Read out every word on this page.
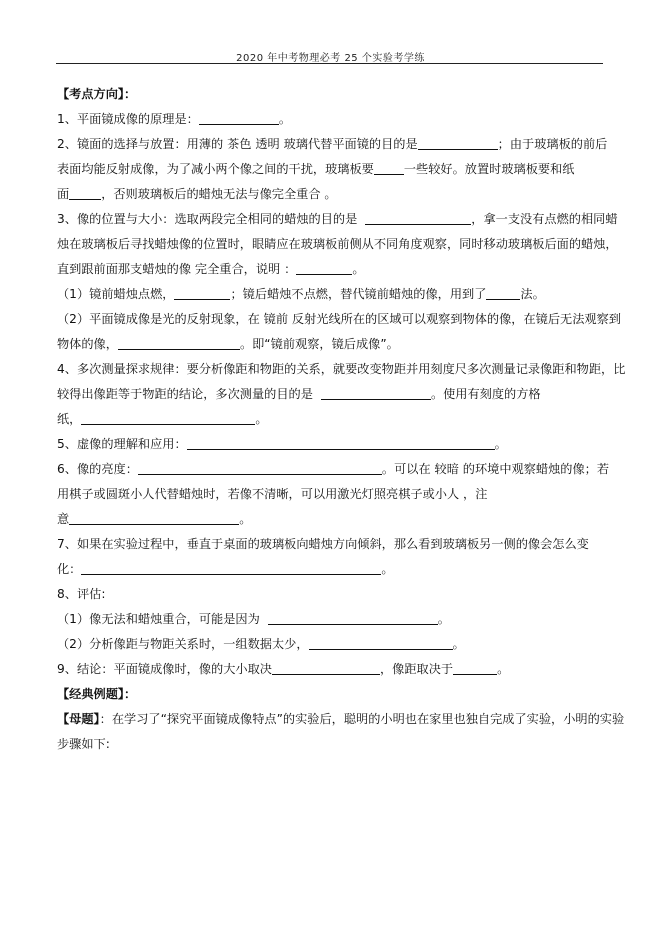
2020 年中考物理必考 25 个实验考学练
【考点方向】：
1、平面镜成像的原理是：	。
2、镜面的选择与放置：用薄的 茶色 透明 玻璃代替平面镜的目的是	；由于玻璃板的前后
表面均能反射成像，为了减小两个像之间的干扰，玻璃板要 一些较好。放置时玻璃板要和纸
面	，否则玻璃板后的蜡烛无法与像完全重合 。
3、像的位置与大小：选取两段完全相同的蜡烛的目的是	，拿一支没有点燃的相同蜡
烛在玻璃板后寻找蜡烛像的位置时，眼睛应在玻璃板前侧从不同角度观察，同时移动玻璃板后面的蜡烛，
直到跟前面那支蜡烛的像 完全重合，说明 ：	。
（1）镜前蜡烛点燃，	；镜后蜡烛不点燃，替代镜前蜡烛的像，用到了	法。
（2）平面镜成像是光的反射现象，在 镜前 反射光线所在的区域可以观察到物体的像，在镜后无法观察到
物体的像，	。即“镜前观察，镜后成像”。
4、多次测量探求规律：要分析像距和物距的关系，就要改变物距并用刻度尺多次测量记录像距和物距，比
较得出像距等于物距的结论，多次测量的目的是	。使用有刻度的方格
纸，	。
5、虚像的理解和应用：	。
6、像的亮度：	。可以在 较暗 的环境中观察蜡烛的像；若
用棋子或圆斑小人代替蜡烛时，若像不清晰，可以用激光灯照亮棋子或小人 ，注
意	。
7、如果在实验过程中，垂直于桌面的玻璃板向蜡烛方向倾斜，那么看到玻璃板另一侧的像会怎么变
化：	。
8、评估:
（1）像无法和蜡烛重合，可能是因为	。
（2）分析像距与物距关系时，一组数据太少，	。
9、结论：平面镜成像时，像的大小取决	，像距取决于	。
【经典例题】：
【母题】：在学习了“探究平面镜成像特点”的实验后，聪明的小明也在家里也独自完成了实验，小明的实验
步骤如下:
